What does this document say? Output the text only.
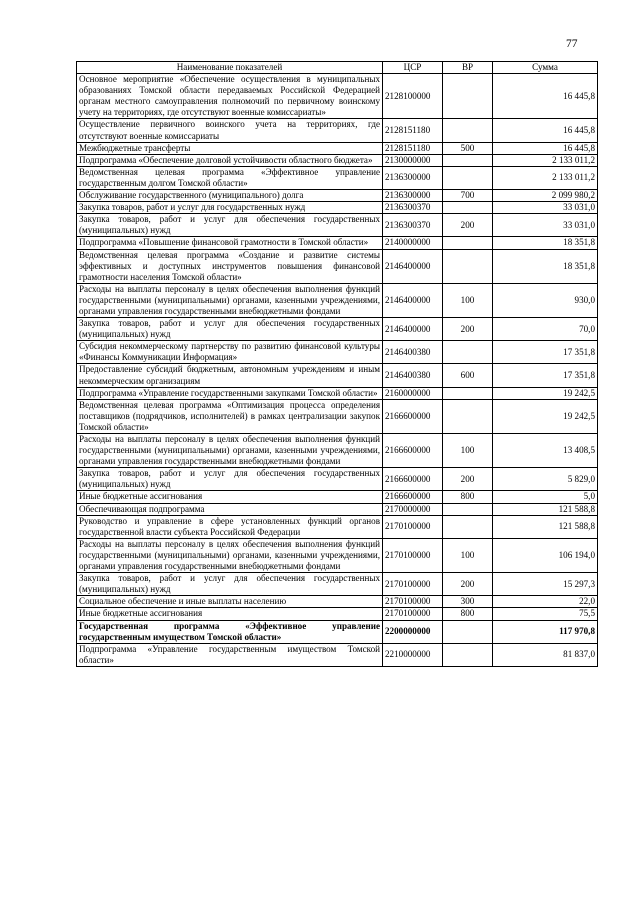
77
Наименование показателей	ЦСР	ВР	Сумма
Основное мероприятие «Обеспечение осуществления в муниципальных образованиях Томской области передаваемых Российской Федерацией органам местного самоуправления полномочий по первичному воинскому учету на территориях, где отсутствуют военные комиссариаты»	2128100000		16 445,8
Осуществление первичного воинского учета на территориях, где отсутствуют военные комиссариаты	2128151180		16 445,8
Межбюджетные трансферты	2128151180	500	16 445,8
Подпрограмма «Обеспечение долговой устойчивости областного бюджета»	2130000000		2 133 011,2
Ведомственная целевая программа «Эффективное управление государственным долгом Томской области»	2136300000		2 133 011,2
Обслуживание государственного (муниципального) долга	2136300000	700	2 099 980,2
Закупка товаров, работ и услуг для государственных нужд	2136300370		33 031,0
Закупка товаров, работ и услуг для обеспечения государственных (муниципальных) нужд	2136300370	200	33 031,0
Подпрограмма «Повышение финансовой грамотности в Томской области»	2140000000		18 351,8
Ведомственная целевая программа «Создание и развитие системы эффективных и доступных инструментов повышения финансовой грамотности населения Томской области»	2146400000		18 351,8
Расходы на выплаты персоналу в целях обеспечения выполнения функций государственными (муниципальными) органами, казенными учреждениями, органами управления государственными внебюджетными фондами	2146400000	100	930,0
Закупка товаров, работ и услуг для обеспечения государственных (муниципальных) нужд	2146400000	200	70,0
Субсидия некоммерческому партнерству по развитию финансовой культуры «Финансы Коммуникации Информация»	2146400380		17 351,8
Предоставление субсидий бюджетным, автономным учреждениям и иным некоммерческим организациям	2146400380	600	17 351,8
Подпрограмма «Управление государственными закупками Томской области»	2160000000		19 242,5
Ведомственная целевая программа «Оптимизация процесса определения поставщиков (подрядчиков, исполнителей) в рамках централизации закупок Томской области»	2166600000		19 242,5
Расходы на выплаты персоналу в целях обеспечения выполнения функций государственными (муниципальными) органами, казенными учреждениями, органами управления государственными внебюджетными фондами	2166600000	100	13 408,5
Закупка товаров, работ и услуг для обеспечения государственных (муниципальных) нужд	2166600000	200	5 829,0
Иные бюджетные ассигнования	2166600000	800	5,0
Обеспечивающая подпрограмма	2170000000		121 588,8
Руководство и управление в сфере установленных функций органов государственной власти субъекта Российской Федерации	2170100000		121 588,8
Расходы на выплаты персоналу в целях обеспечения выполнения функций государственными (муниципальными) органами, казенными учреждениями, органами управления государственными внебюджетными фондами	2170100000	100	106 194,0
Закупка товаров, работ и услуг для обеспечения государственных (муниципальных) нужд	2170100000	200	15 297,3
Социальное обеспечение и иные выплаты населению	2170100000	300	22,0
Иные бюджетные ассигнования	2170100000	800	75,5
Государственная программа «Эффективное управление государственным имуществом Томской области»	2200000000		117 970,8
Подпрограмма «Управление государственным имуществом Томской области»	2210000000		81 837,0
